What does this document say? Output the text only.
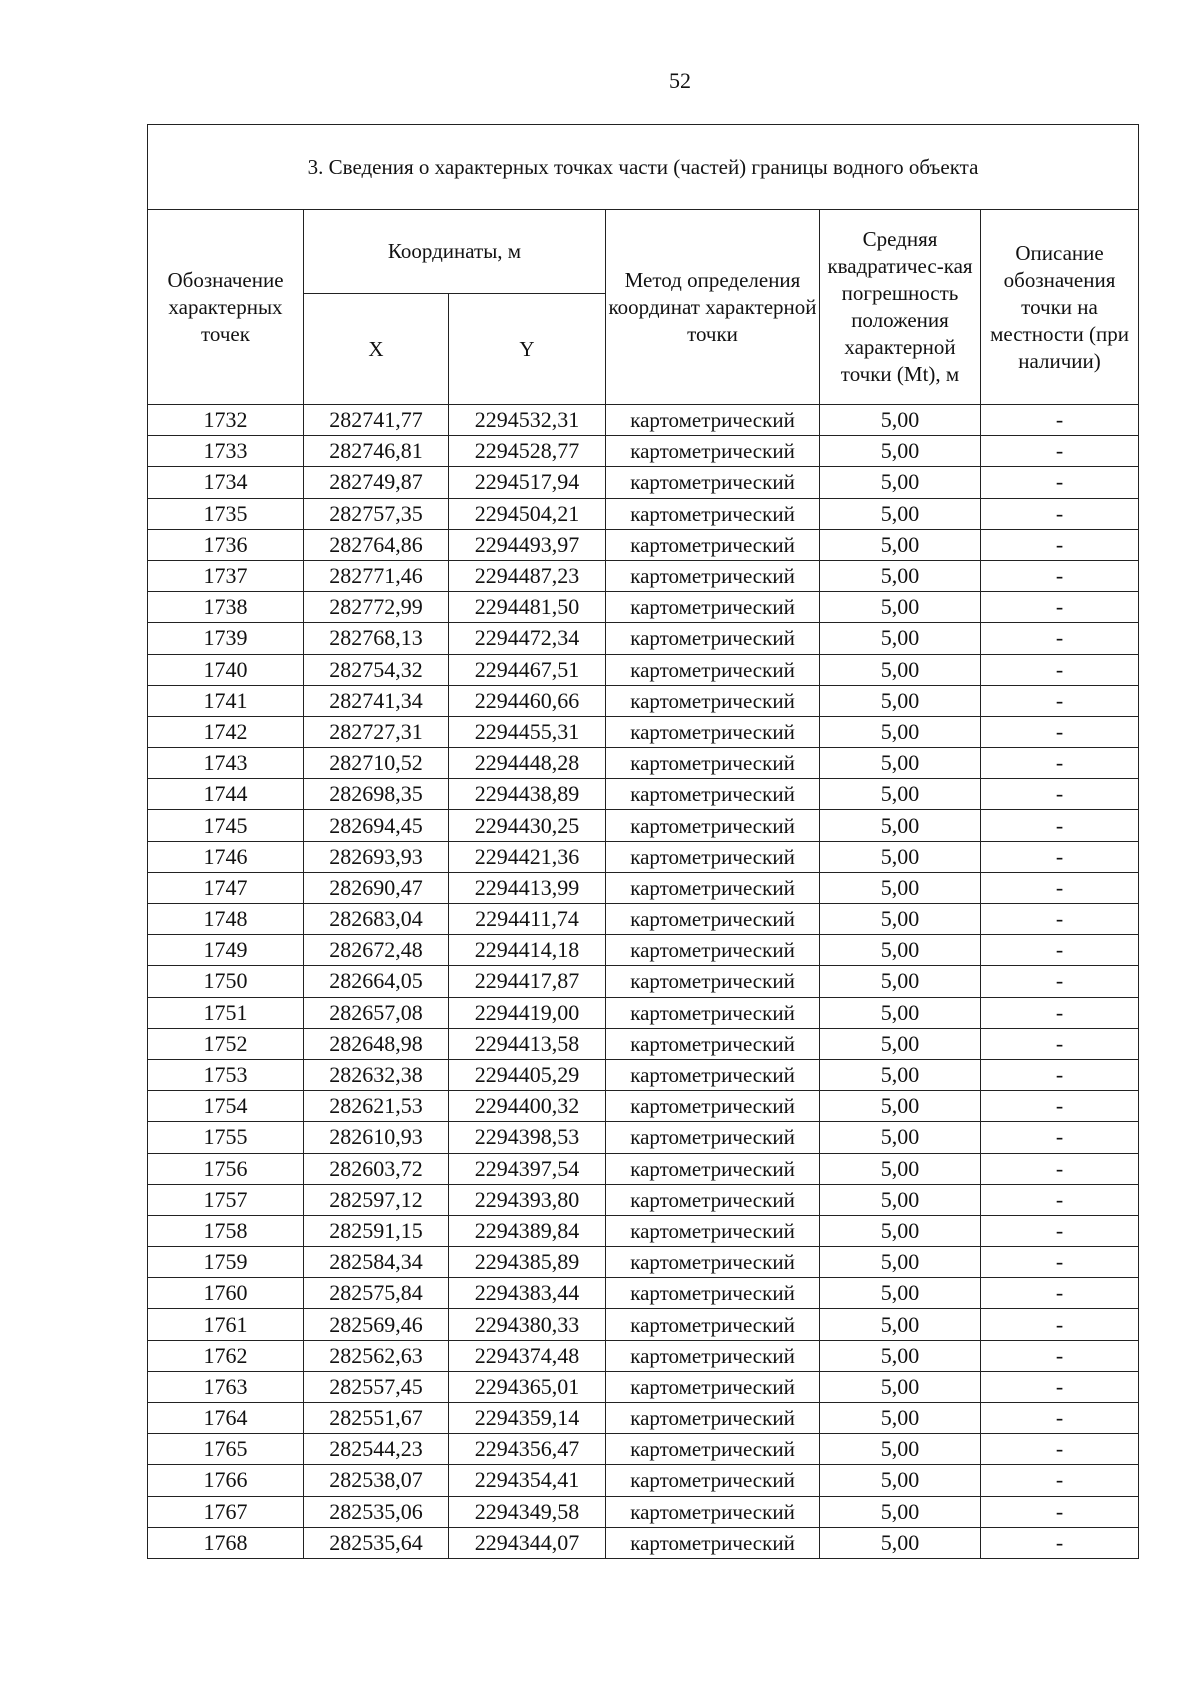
52
3. Сведения о характерных точках части (частей) границы водного объекта					
Обозначение характерных точек	Координаты, м		Метод определения координат характерной точки	Средняя квадратичес-кая погрешность положения характерной точки (Mt), м	Описание обозначения точки на местности (при наличии)
	X	Y			
1732	282741,77	2294532,31	картометрический	5,00	-
1733	282746,81	2294528,77	картометрический	5,00	-
1734	282749,87	2294517,94	картометрический	5,00	-
1735	282757,35	2294504,21	картометрический	5,00	-
1736	282764,86	2294493,97	картометрический	5,00	-
1737	282771,46	2294487,23	картометрический	5,00	-
1738	282772,99	2294481,50	картометрический	5,00	-
1739	282768,13	2294472,34	картометрический	5,00	-
1740	282754,32	2294467,51	картометрический	5,00	-
1741	282741,34	2294460,66	картометрический	5,00	-
1742	282727,31	2294455,31	картометрический	5,00	-
1743	282710,52	2294448,28	картометрический	5,00	-
1744	282698,35	2294438,89	картометрический	5,00	-
1745	282694,45	2294430,25	картометрический	5,00	-
1746	282693,93	2294421,36	картометрический	5,00	-
1747	282690,47	2294413,99	картометрический	5,00	-
1748	282683,04	2294411,74	картометрический	5,00	-
1749	282672,48	2294414,18	картометрический	5,00	-
1750	282664,05	2294417,87	картометрический	5,00	-
1751	282657,08	2294419,00	картометрический	5,00	-
1752	282648,98	2294413,58	картометрический	5,00	-
1753	282632,38	2294405,29	картометрический	5,00	-
1754	282621,53	2294400,32	картометрический	5,00	-
1755	282610,93	2294398,53	картометрический	5,00	-
1756	282603,72	2294397,54	картометрический	5,00	-
1757	282597,12	2294393,80	картометрический	5,00	-
1758	282591,15	2294389,84	картометрический	5,00	-
1759	282584,34	2294385,89	картометрический	5,00	-
1760	282575,84	2294383,44	картометрический	5,00	-
1761	282569,46	2294380,33	картометрический	5,00	-
1762	282562,63	2294374,48	картометрический	5,00	-
1763	282557,45	2294365,01	картометрический	5,00	-
1764	282551,67	2294359,14	картометрический	5,00	-
1765	282544,23	2294356,47	картометрический	5,00	-
1766	282538,07	2294354,41	картометрический	5,00	-
1767	282535,06	2294349,58	картометрический	5,00	-
1768	282535,64	2294344,07	картометрический	5,00	-
